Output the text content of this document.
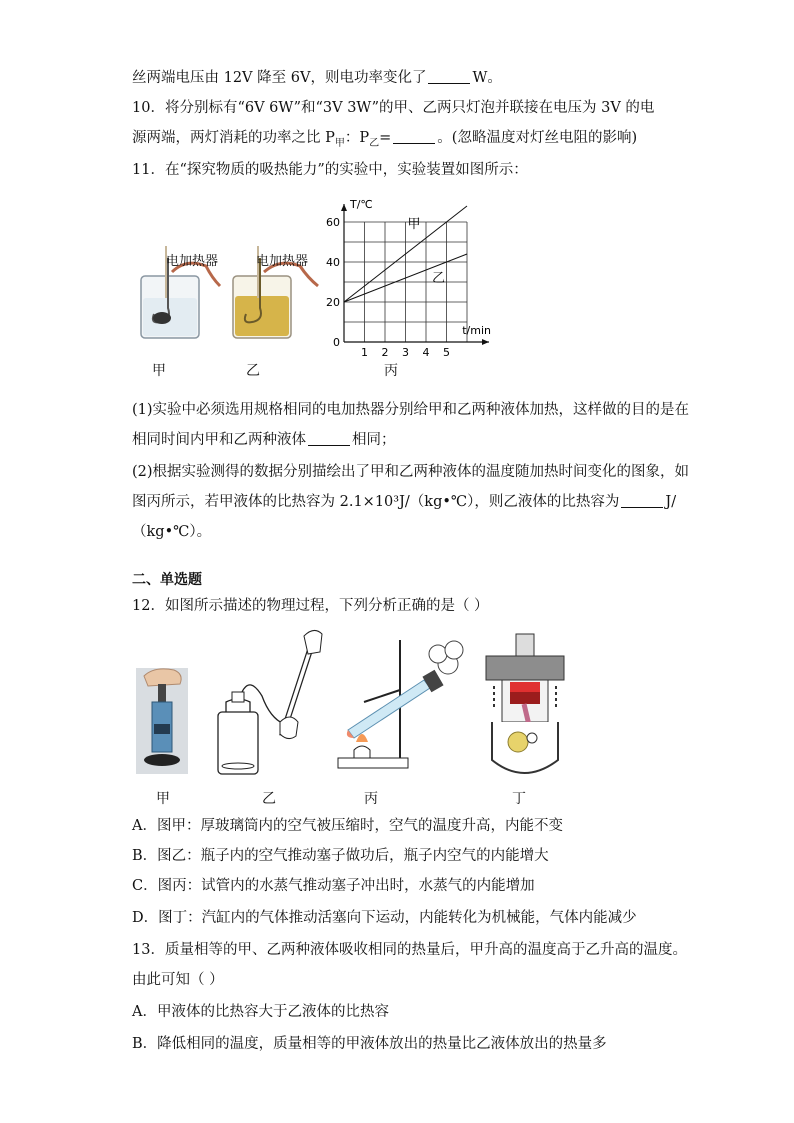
丝两端电压由 12V 降至 6V，则电功率变化了	W。
10．将分别标有“6V 6W”和“3V 3W”的甲、乙两只灯泡并联接在电压为 3V 的电
源两端，两灯消耗的功率之比 $P_甲$：$P_乙=$	。(忽略温度对灯丝电阻的影响)
11．在“探究物质的吸热能力”的实验中，实验装置如图所示：
电加热器	电加热器
甲	乙
1 2 3 4 5
20
40
60
0
t/min
T/℃
甲
乙
丙
(1)实验中必须选用规格相同的电加热器分别给甲和乙两种液体加热，这样做的目的是在
相同时间内甲和乙两种液体	相同；
(2)根据实验测得的数据分别描绘出了甲和乙两种液体的温度随加热时间变化的图象，如
图丙所示，若甲液体的比热容为 2.1×10³J/（kg•℃），则乙液体的比热容为	J/
（kg•℃）。
二、单选题
12．如图所示描述的物理过程，下列分析正确的是（ ）
甲	乙	丙	丁
A．图甲：厚玻璃筒内的空气被压缩时，空气的温度升高，内能不变
B．图乙：瓶子内的空气推动塞子做功后，瓶子内空气的内能增大
C．图丙：试管内的水蒸气推动塞子冲出时，水蒸气的内能增加
D．图丁：汽缸内的气体推动活塞向下运动，内能转化为机械能，气体内能减少
13．质量相等的甲、乙两种液体吸收相同的热量后，甲升高的温度高于乙升高的温度。
由此可知（ ）
A．甲液体的比热容大于乙液体的比热容
B．降低相同的温度，质量相等的甲液体放出的热量比乙液体放出的热量多
